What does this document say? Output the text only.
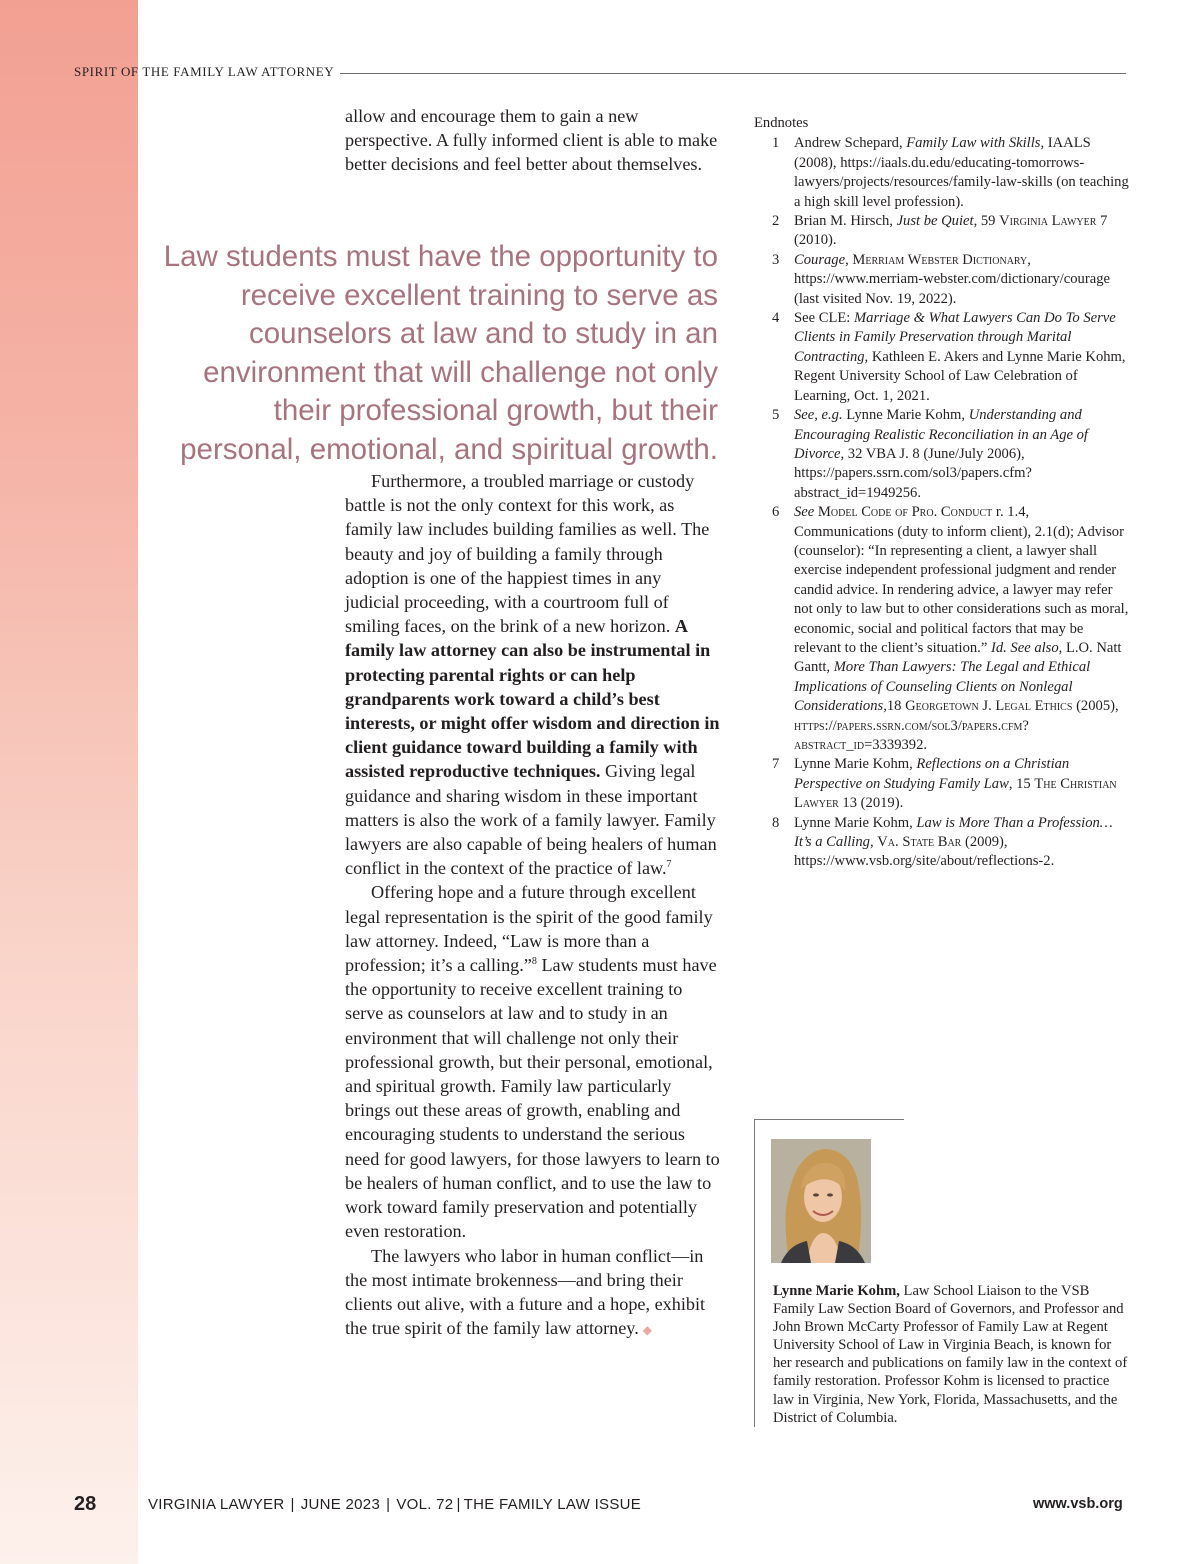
SPIRIT OF THE FAMILY LAW ATTORNEY

allow and encourage them to gain a new perspective. A fully informed client is able to make better decisions and feel better about themselves.

Law students must have the opportunity to receive excellent training to serve as counselors at law and to study in an environment that will challenge not only their professional growth, but their personal, emotional, and spiritual growth.

Furthermore, a troubled marriage or custody battle is not the only context for this work, as family law includes building families as well. The beauty and joy of building a family through adoption is one of the happiest times in any judicial proceeding, with a courtroom full of smiling faces, on the brink of a new horizon. A family law attorney can also be instrumental in protecting parental rights or can help grandparents work toward a child’s best interests, or might offer wisdom and direction in client guidance toward building a family with assisted reproductive techniques. Giving legal guidance and sharing wisdom in these important matters is also the work of a family lawyer. Family lawyers are also capable of being healers of human conflict in the context of the practice of law.$^7$

Offering hope and a future through excellent legal representation is the spirit of the good family law attorney. Indeed, “Law is more than a profession; it’s a calling.”$^8$ Law students must have the opportunity to receive excellent training to serve as counselors at law and to study in an environment that will challenge not only their professional growth, but their personal, emotional, and spiritual growth. Family law particularly brings out these areas of growth, enabling and encouraging students to understand the serious need for good lawyers, for those lawyers to learn to be healers of human conflict, and to use the law to work toward family preservation and potentially even restoration.

The lawyers who labor in human conflict—in the most intimate brokenness—and bring their clients out alive, with a future and a hope, exhibit the true spirit of the family law attorney. ◆

Endnotes
1 Andrew Schepard, Family Law with Skills, IAALS (2008), https://iaals.du.edu/educating-tomorrows-lawyers/projects/resources/family-law-skills (on teaching a high skill level profession).
2 Brian M. Hirsch, Just be Quiet, 59 Virginia Lawyer 7 (2010).
3 Courage, Merriam Webster Dictionary, https://www.merriam-webster.com/dictionary/courage (last visited Nov. 19, 2022).
4 See CLE: Marriage & What Lawyers Can Do To Serve Clients in Family Preservation through Marital Contracting, Kathleen E. Akers and Lynne Marie Kohm, Regent University School of Law Celebration of Learning, Oct. 1, 2021.
5 See, e.g. Lynne Marie Kohm, Understanding and Encouraging Realistic Reconciliation in an Age of Divorce, 32 VBA J. 8 (June/July 2006), https://papers.ssrn.com/sol3/papers.cfm?abstract_id=1949256.
6 See Model Code of Pro. Conduct r. 1.4, Communications (duty to inform client), 2.1(d); Advisor (counselor): “In representing a client, a lawyer shall exercise independent professional judgment and render candid advice. In rendering advice, a lawyer may refer not only to law but to other considerations such as moral, economic, social and political factors that may be relevant to the client’s situation.” Id. See also, L.O. Natt Gantt, More Than Lawyers: The Legal and Ethical Implications of Counseling Clients on Nonlegal Considerations,18 Georgetown J. Legal Ethics (2005), https://papers.ssrn.com/sol3/papers.cfm?abstract_id=3339392.
7 Lynne Marie Kohm, Reflections on a Christian Perspective on Studying Family Law, 15 The Christian Lawyer 13 (2019).
8 Lynne Marie Kohm, Law is More Than a Profession… It’s a Calling, Va. State Bar (2009), https://www.vsb.org/site/about/reflections-2.
Lynne Marie Kohm, Law School Liaison to the VSB Family Law Section Board of Governors, and Professor and John Brown McCarty Professor of Family Law at Regent University School of Law in Virginia Beach, is known for her research and publications on family law in the context of family restoration. Professor Kohm is licensed to practice law in Virginia, New York, Florida, Massachusetts, and the District of Columbia.
28	VIRGINIA LAWYER | JUNE 2023 | VOL. 72 | THE FAMILY LAW ISSUE	www.vsb.org
